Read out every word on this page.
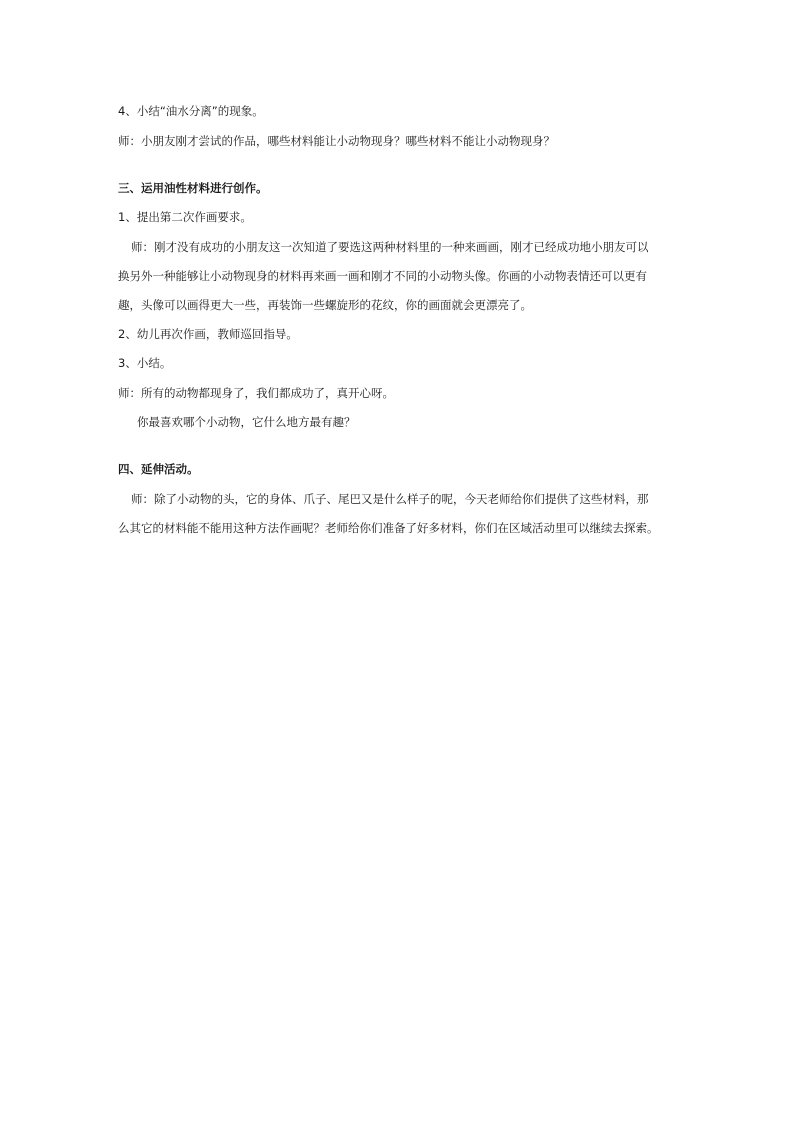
4、小结“油水分离”的现象。
师：小朋友刚才尝试的作品，哪些材料能让小动物现身？哪些材料不能让小动物现身？
三、运用油性材料进行创作。
1、提出第二次作画要求。
师：刚才没有成功的小朋友这一次知道了要选这两种材料里的一种来画画，刚才已经成功地小朋友可以
换另外一种能够让小动物现身的材料再来画一画和刚才不同的小动物头像。你画的小动物表情还可以更有
趣，头像可以画得更大一些，再装饰一些螺旋形的花纹，你的画面就会更漂亮了。
2、幼儿再次作画，教师巡回指导。
3、小结。
师：所有的动物都现身了，我们都成功了，真开心呀。
你最喜欢哪个小动物，它什么地方最有趣？
四、延伸活动。
师：除了小动物的头，它的身体、爪子、尾巴又是什么样子的呢，今天老师给你们提供了这些材料，那
么其它的材料能不能用这种方法作画呢？老师给你们准备了好多材料，你们在区域活动里可以继续去探索。
